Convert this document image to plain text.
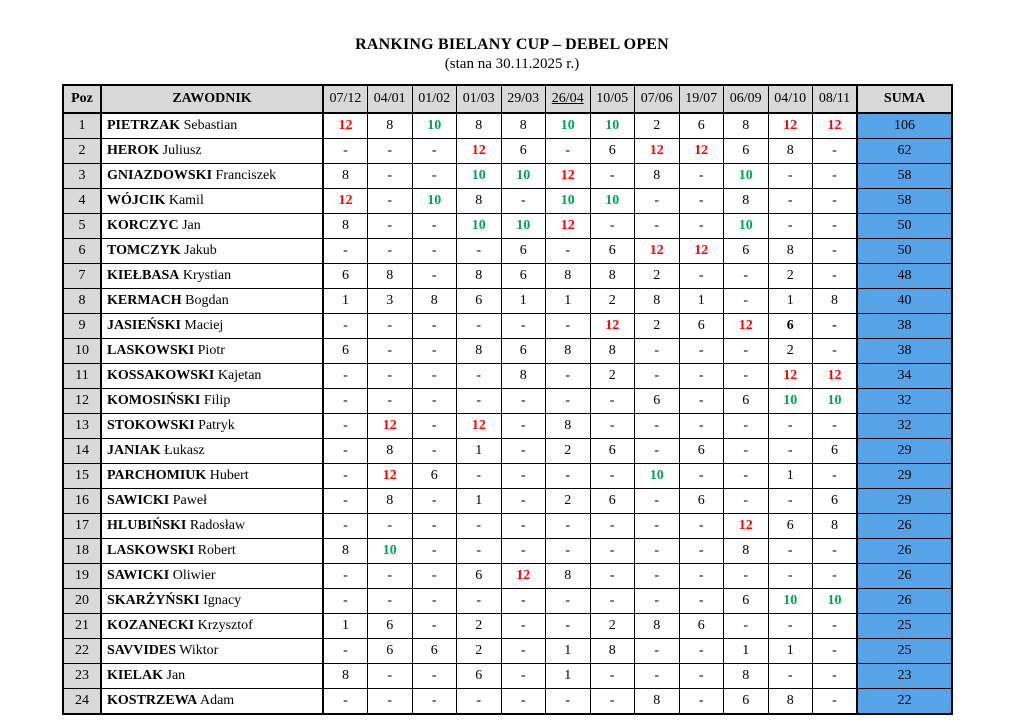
RANKING BIELANY CUP – DEBEL OPEN
(stan na 30.11.2025 r.)
Poz	ZAWODNIK	07/12	04/01	01/02	01/03	29/03	26/04	10/05	07/06	19/07	06/09	04/10	08/11	SUMA
1	PIETRZAK Sebastian	12	8	10	8	8	10	10	2	6	8	12	12	106
2	HEROK Juliusz	-	-	-	12	6	-	6	12	12	6	8	-	62
3	GNIAZDOWSKI Franciszek	8	-	-	10	10	12	-	8	-	10	-	-	58
4	WÓJCIK Kamil	12	-	10	8	-	10	10	-	-	8	-	-	58
5	KORCZYC Jan	8	-	-	10	10	12	-	-	-	10	-	-	50
6	TOMCZYK Jakub	-	-	-	-	6	-	6	12	12	6	8	-	50
7	KIEŁBASA Krystian	6	8	-	8	6	8	8	2	-	-	2	-	48
8	KERMACH Bogdan	1	3	8	6	1	1	2	8	1	-	1	8	40
9	JASIEŃSKI Maciej	-	-	-	-	-	-	12	2	6	12	6	-	38
10	LASKOWSKI Piotr	6	-	-	8	6	8	8	-	-	-	2	-	38
11	KOSSAKOWSKI Kajetan	-	-	-	-	8	-	2	-	-	-	12	12	34
12	KOMOSIŃSKI Filip	-	-	-	-	-	-	-	6	-	6	10	10	32
13	STOKOWSKI Patryk	-	12	-	12	-	8	-	-	-	-	-	-	32
14	JANIAK Łukasz	-	8	-	1	-	2	6	-	6	-	-	6	29
15	PARCHOMIUK Hubert	-	12	6	-	-	-	-	10	-	-	1	-	29
16	SAWICKI Paweł	-	8	-	1	-	2	6	-	6	-	-	6	29
17	HLUBIŃSKI Radosław	-	-	-	-	-	-	-	-	-	12	6	8	26
18	LASKOWSKI Robert	8	10	-	-	-	-	-	-	-	8	-	-	26
19	SAWICKI Oliwier	-	-	-	6	12	8	-	-	-	-	-	-	26
20	SKARŻYŃSKI Ignacy	-	-	-	-	-	-	-	-	-	6	10	10	26
21	KOZANECKI Krzysztof	1	6	-	2	-	-	2	8	6	-	-	-	25
22	SAVVIDES Wiktor	-	6	6	2	-	1	8	-	-	1	1	-	25
23	KIELAK Jan	8	-	-	6	-	1	-	-	-	8	-	-	23
24	KOSTRZEWA Adam	-	-	-	-	-	-	-	8	-	6	8	-	22
